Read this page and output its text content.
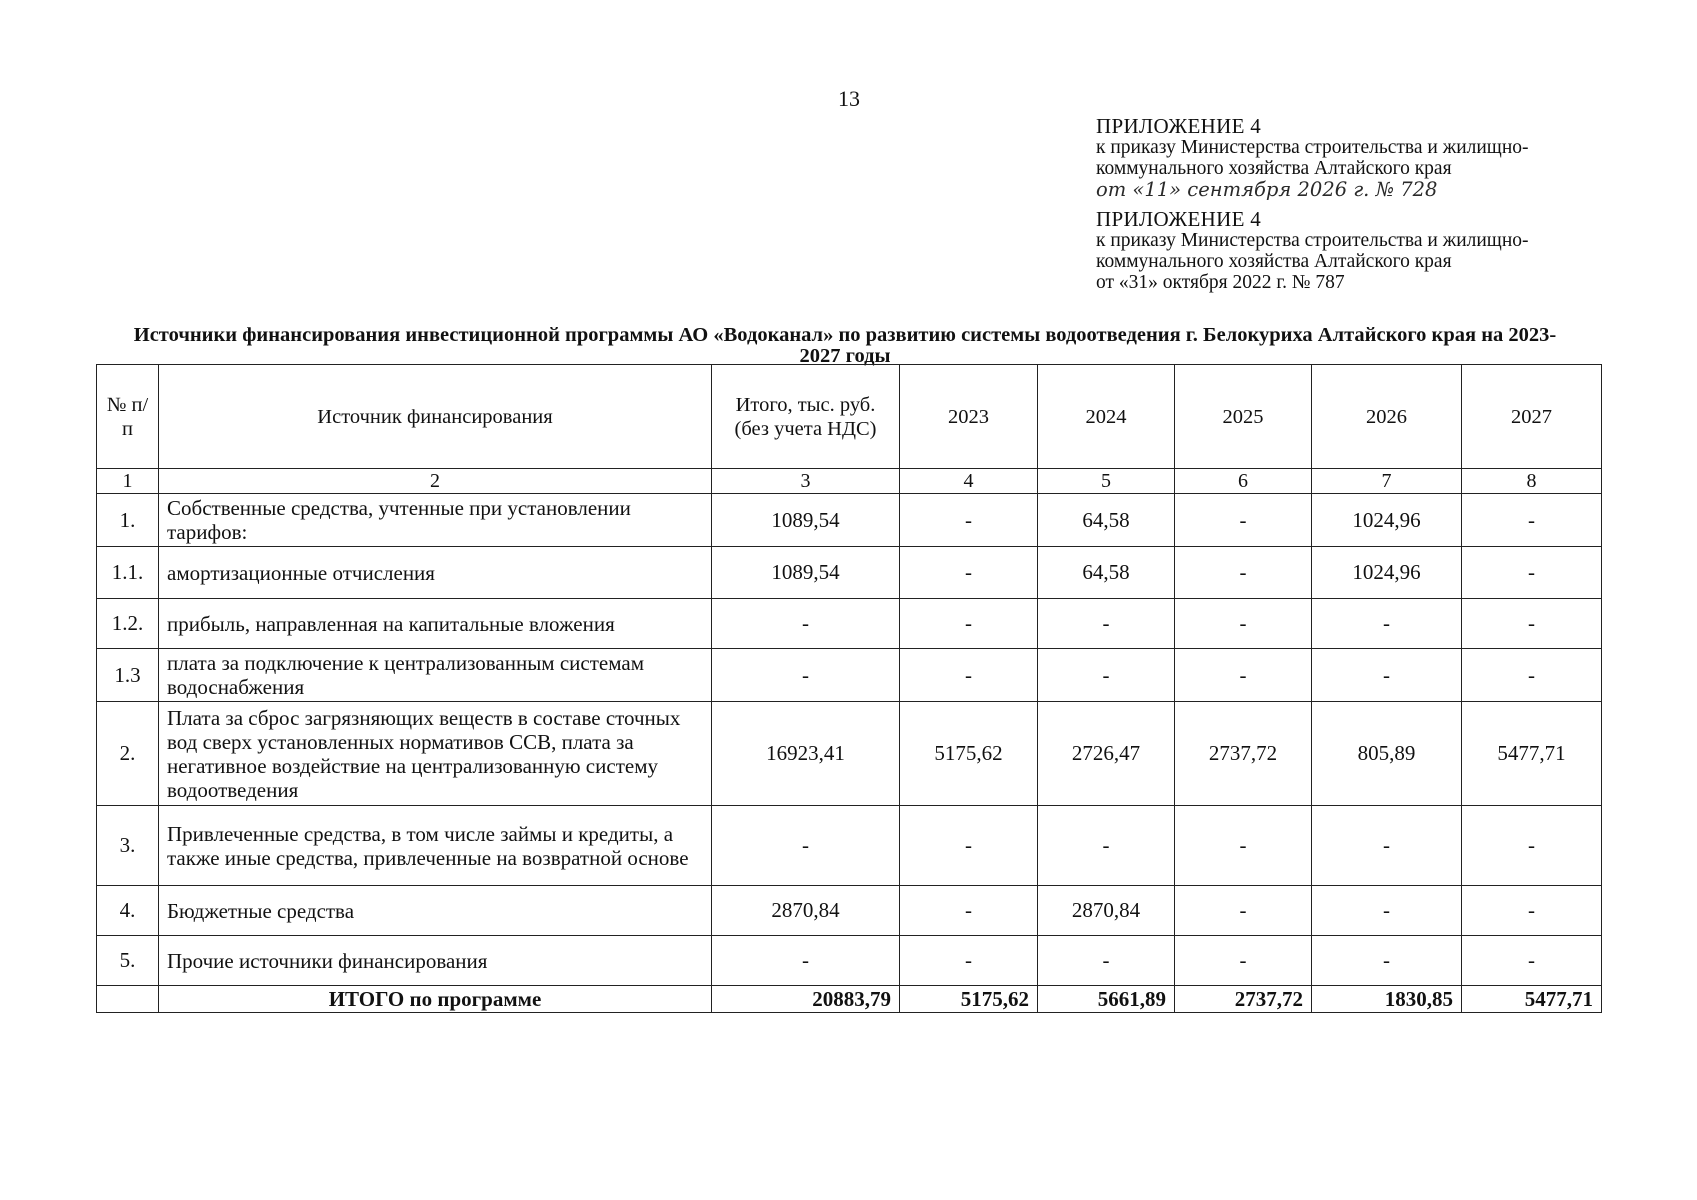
13
ПРИЛОЖЕНИЕ 4
к приказу Министерства строительства и жилищно-
коммунального хозяйства Алтайского края
от «11» сентября 2026 г. № 728
ПРИЛОЖЕНИЕ 4
к приказу Министерства строительства и жилищно-
коммунального хозяйства Алтайского края
от «31» октября 2022 г. № 787
Источники финансирования инвестиционной программы АО «Водоканал» по развитию системы водоотведения г. Белокуриха Алтайского края на 2023-2027 годы
№ п/п	Источник финансирования	Итого, тыс. руб. (без учета НДС)	2023	2024	2025	2026	2027
1	2	3	4	5	6	7	8
1.	Собственные средства, учтенные при установлении тарифов:	1089,54	-	64,58	-	1024,96	-
1.1.	амортизационные отчисления	1089,54	-	64,58	-	1024,96	-
1.2.	прибыль, направленная на капитальные вложения	-	-	-	-	-	-
1.3	плата за подключение к централизованным системам водоснабжения	-	-	-	-	-	-
2.	Плата за сброс загрязняющих веществ в составе сточных вод сверх установленных нормативов ССВ, плата за негативное воздействие на централизованную систему водоотведения	16923,41	5175,62	2726,47	2737,72	805,89	5477,71
3.	Привлеченные средства, в том числе займы и кредиты, а также иные средства, привлеченные на возвратной основе	-	-	-	-	-	-
4.	Бюджетные средства	2870,84	-	2870,84	-	-	-
5.	Прочие источники финансирования	-	-	-	-	-	-
	ИТОГО по программе	20883,79	5175,62	5661,89	2737,72	1830,85	5477,71
